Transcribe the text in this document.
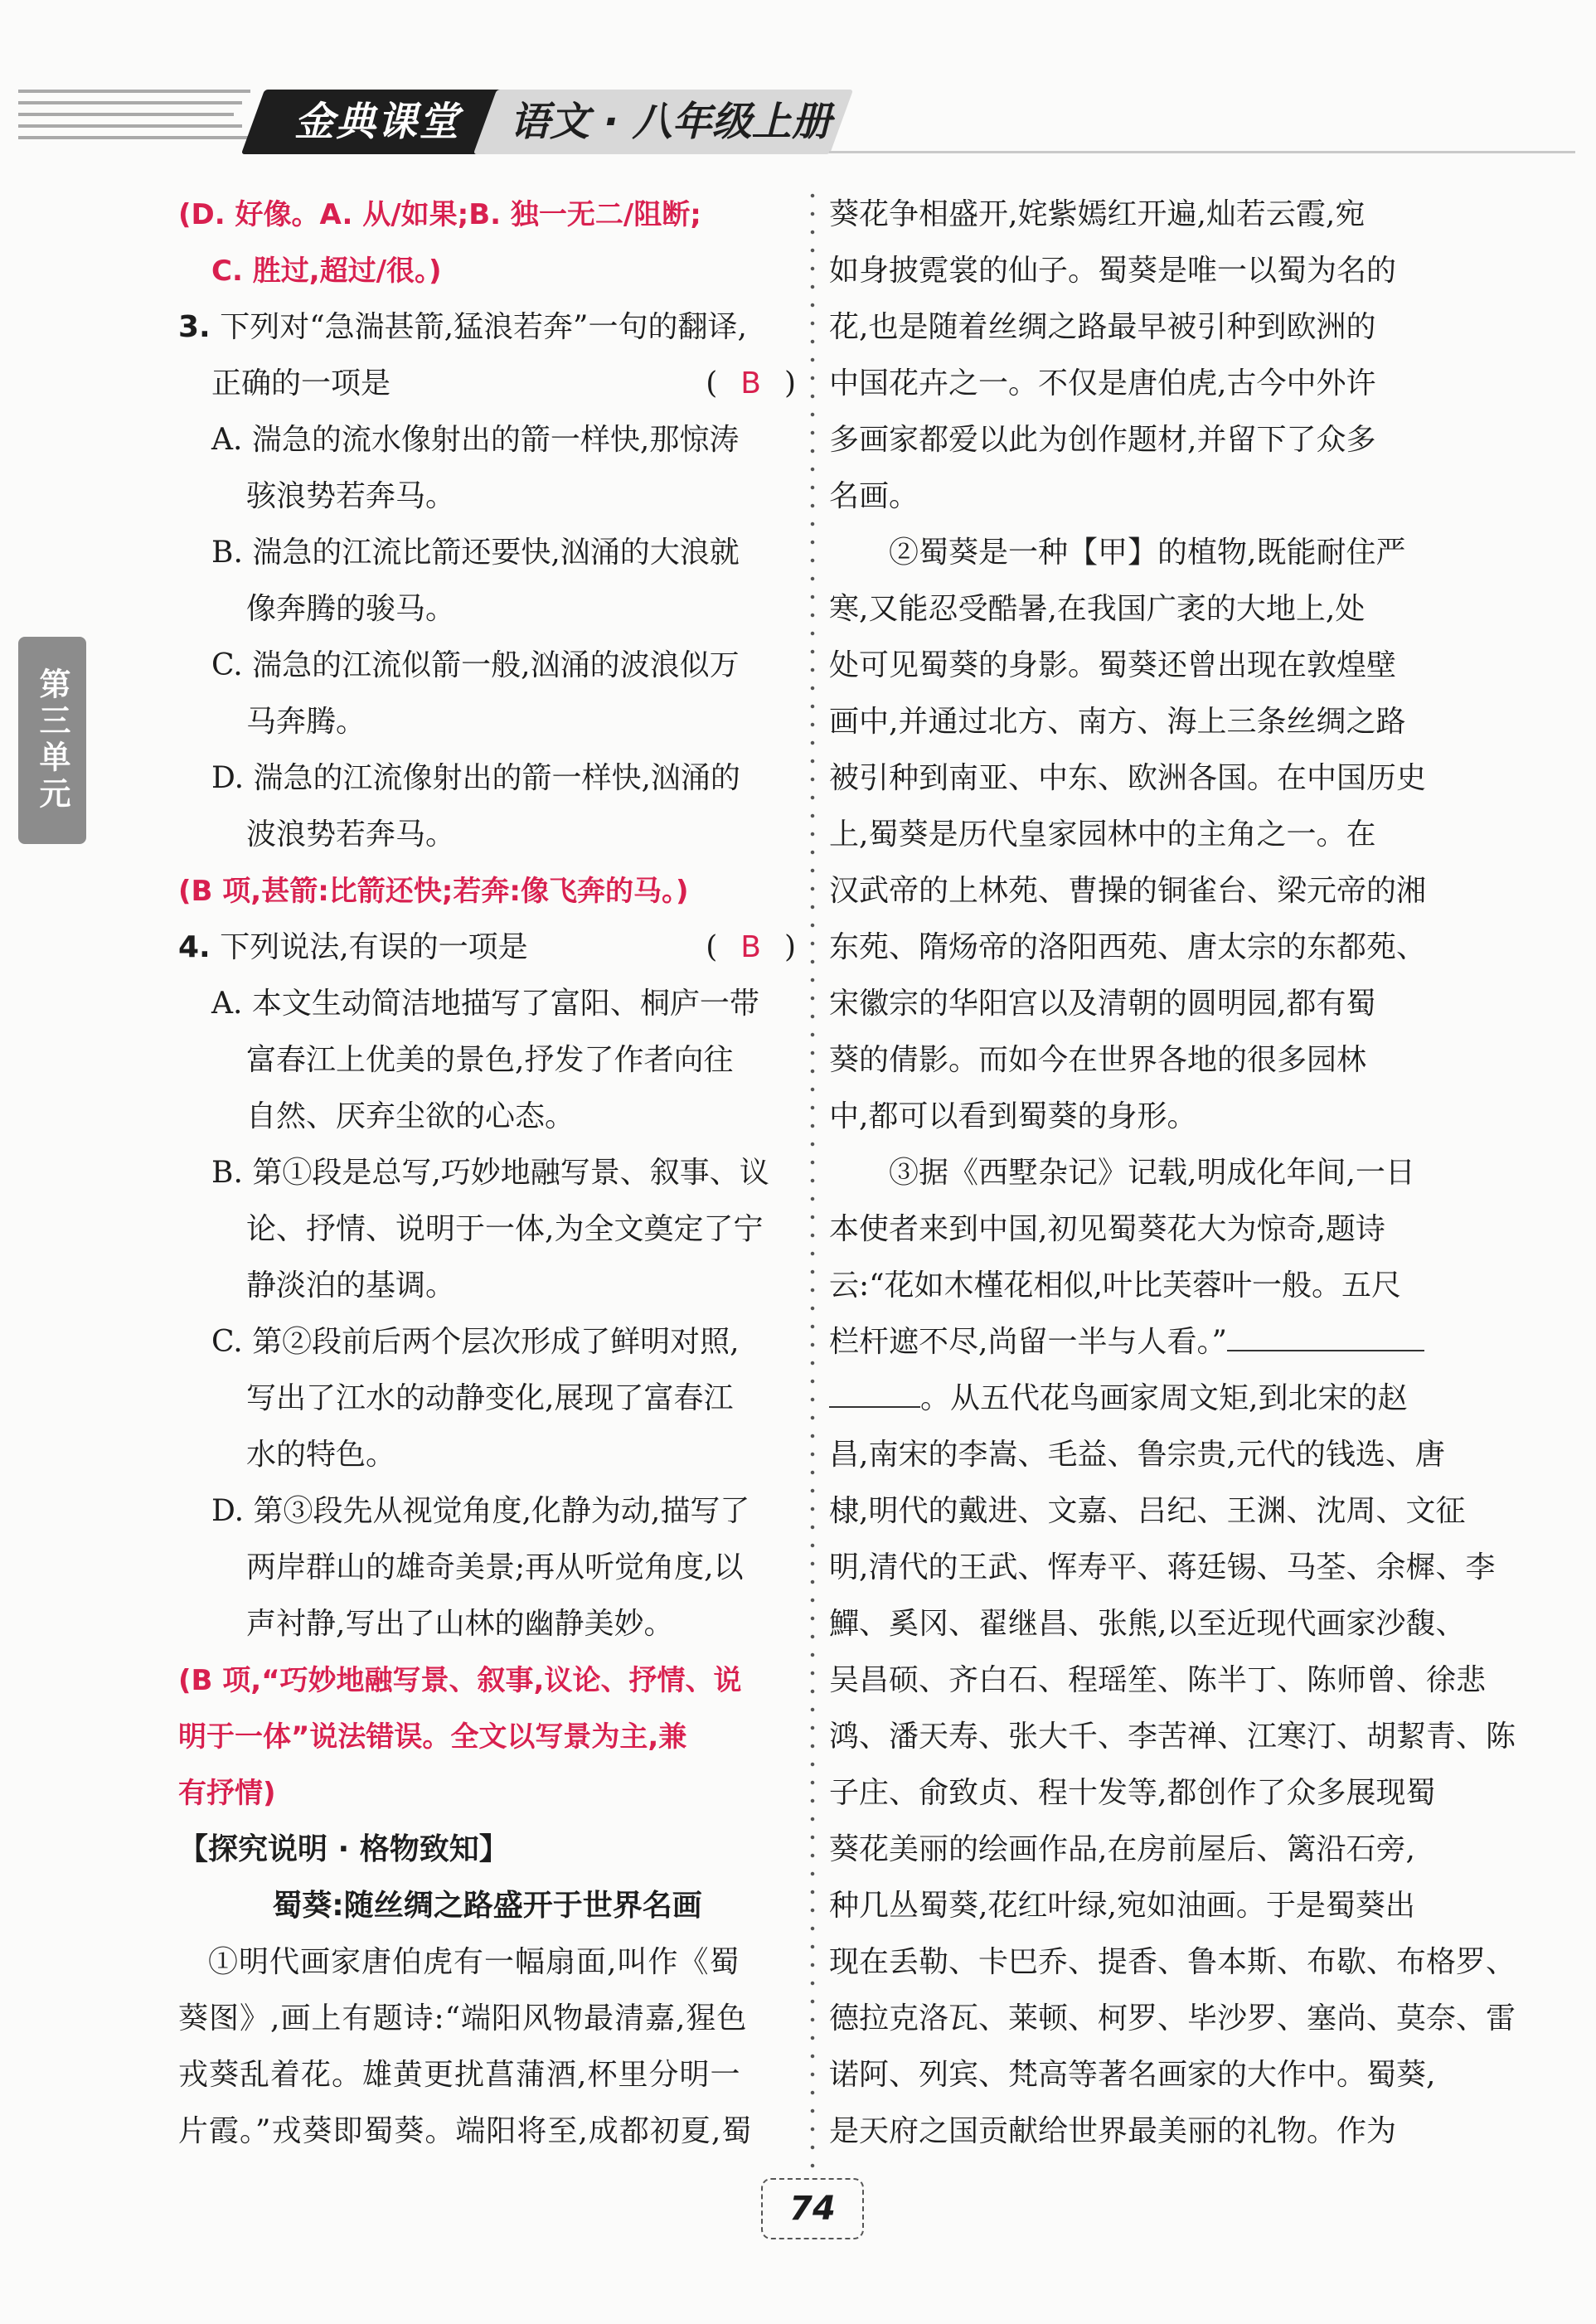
金典课堂	语文 · 八年级上册
第三单元
(D. 好像。A. 从/如果;B. 独一无二/阻断;
C. 胜过,超过/很。)
3. 下列对“急湍甚箭,猛浪若奔”一句的翻译,
正确的一项是	( B )
A. 湍急的流水像射出的箭一样快,那惊涛
骇浪势若奔马。
B. 湍急的江流比箭还要快,汹涌的大浪就
像奔腾的骏马。
C. 湍急的江流似箭一般,汹涌的波浪似万
马奔腾。
D. 湍急的江流像射出的箭一样快,汹涌的
波浪势若奔马。
(B 项,甚箭:比箭还快;若奔:像飞奔的马。)
4. 下列说法,有误的一项是	( B )
A. 本文生动简洁地描写了富阳、桐庐一带
富春江上优美的景色,抒发了作者向往
自然、厌弃尘欲的心态。
B. 第①段是总写,巧妙地融写景、叙事、议
论、抒情、说明于一体,为全文奠定了宁
静淡泊的基调。
C. 第②段前后两个层次形成了鲜明对照,
写出了江水的动静变化,展现了富春江
水的特色。
D. 第③段先从视觉角度,化静为动,描写了
两岸群山的雄奇美景;再从听觉角度,以
声衬静,写出了山林的幽静美妙。
(B 项,“巧妙地融写景、叙事,议论、抒情、说
明于一体”说法错误。全文以写景为主,兼
有抒情)
【探究说明 · 格物致知】
蜀葵:随丝绸之路盛开于世界名画
①明代画家唐伯虎有一幅扇面,叫作《蜀
葵图》,画上有题诗:“端阳风物最清嘉,猩色
戎葵乱着花。雄黄更扰菖蒲酒,杯里分明一
片霞。”戎葵即蜀葵。端阳将至,成都初夏,蜀
葵花争相盛开,姹紫嫣红开遍,灿若云霞,宛
如身披霓裳的仙子。蜀葵是唯一以蜀为名的
花,也是随着丝绸之路最早被引种到欧洲的
中国花卉之一。不仅是唐伯虎,古今中外许
多画家都爱以此为创作题材,并留下了众多
名画。
②蜀葵是一种【甲】的植物,既能耐住严
寒,又能忍受酷暑,在我国广袤的大地上,处
处可见蜀葵的身影。蜀葵还曾出现在敦煌壁
画中,并通过北方、南方、海上三条丝绸之路
被引种到南亚、中东、欧洲各国。在中国历史
上,蜀葵是历代皇家园林中的主角之一。在
汉武帝的上林苑、曹操的铜雀台、梁元帝的湘
东苑、隋炀帝的洛阳西苑、唐太宗的东都苑、
宋徽宗的华阳宫以及清朝的圆明园,都有蜀
葵的倩影。而如今在世界各地的很多园林
中,都可以看到蜀葵的身形。
③据《西墅杂记》记载,明成化年间,一日
本使者来到中国,初见蜀葵花大为惊奇,题诗
云:“花如木槿花相似,叶比芙蓉叶一般。五尺
栏杆遮不尽,尚留一半与人看。”
。从五代花鸟画家周文矩,到北宋的赵
昌,南宋的李嵩、毛益、鲁宗贵,元代的钱选、唐
棣,明代的戴进、文嘉、吕纪、王渊、沈周、文征
明,清代的王武、恽寿平、蒋廷锡、马荃、余樨、李
鱓、奚冈、翟继昌、张熊,以至近现代画家沙馥、
吴昌硕、齐白石、程瑶笙、陈半丁、陈师曾、徐悲
鸿、潘天寿、张大千、李苦禅、江寒汀、胡絜青、陈
子庄、俞致贞、程十发等,都创作了众多展现蜀
葵花美丽的绘画作品,在房前屋后、篱沿石旁,
种几丛蜀葵,花红叶绿,宛如油画。于是蜀葵出
现在丢勒、卡巴乔、提香、鲁本斯、布歇、布格罗、
德拉克洛瓦、莱顿、柯罗、毕沙罗、塞尚、莫奈、雷
诺阿、列宾、梵高等著名画家的大作中。蜀葵,
是天府之国贡献给世界最美丽的礼物。作为
74
